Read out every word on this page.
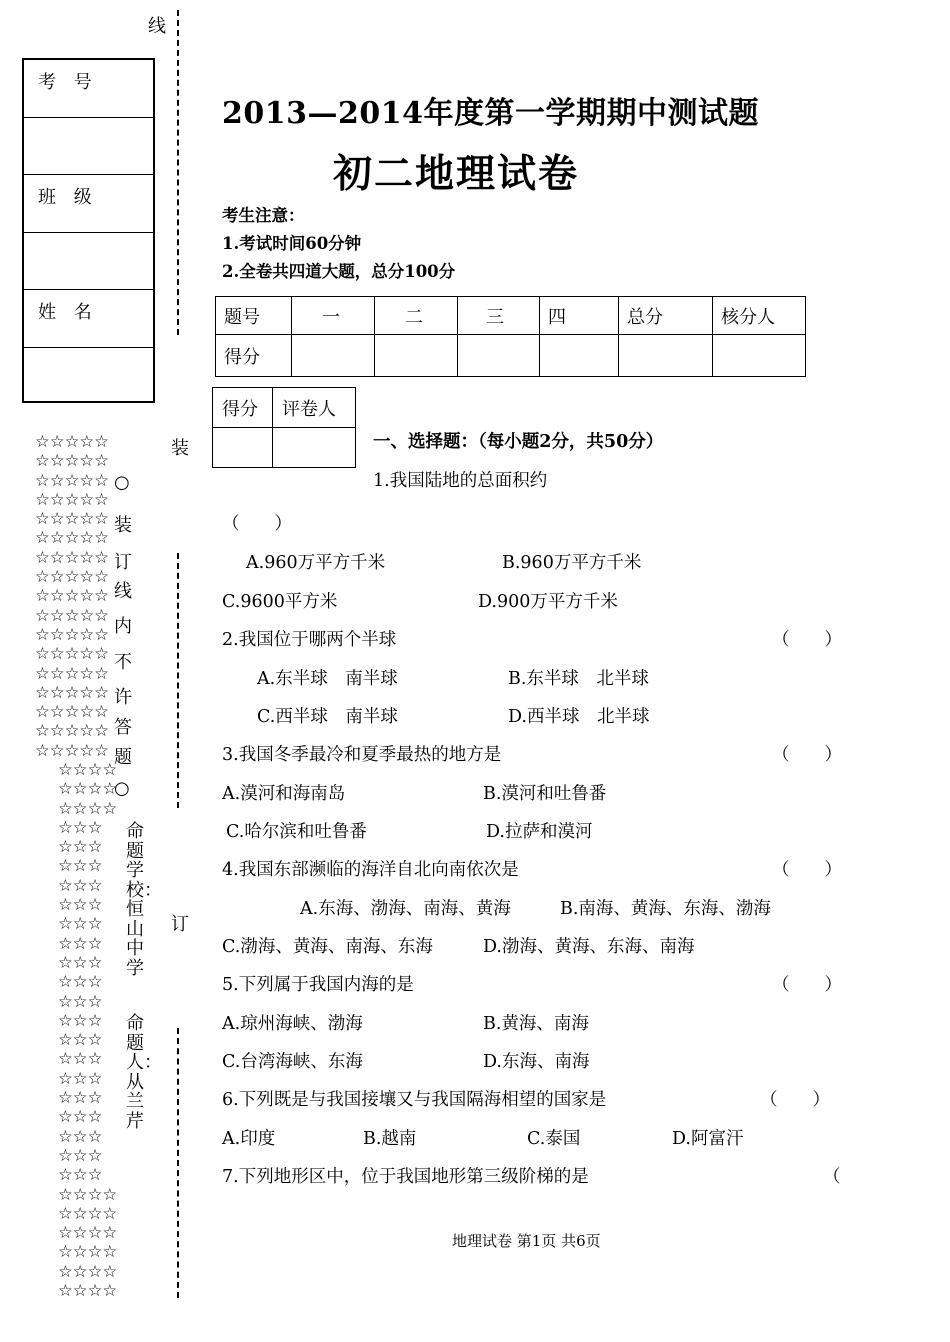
线
装
订
考 号
班 级
姓 名
☆☆☆☆☆
☆☆☆☆☆
☆☆☆☆☆
☆☆☆☆☆
☆☆☆☆☆
☆☆☆☆☆
☆☆☆☆☆
☆☆☆☆☆
☆☆☆☆☆
☆☆☆☆☆
☆☆☆☆☆
☆☆☆☆☆
☆☆☆☆☆
☆☆☆☆☆
☆☆☆☆☆
☆☆☆☆☆
☆☆☆☆☆
☆☆☆☆
☆☆☆☆
☆☆☆☆
☆☆☆
☆☆☆
☆☆☆
☆☆☆
☆☆☆
☆☆☆
☆☆☆
☆☆☆
☆☆☆
☆☆☆
☆☆☆
☆☆☆
☆☆☆
☆☆☆
☆☆☆
☆☆☆
☆☆☆
☆☆☆
☆☆☆
☆☆☆☆
☆☆☆☆
☆☆☆☆
☆☆☆☆
☆☆☆☆
☆☆☆☆
○
装
订
线
内
不
许
答
题
○
命题学校：恒山中学
命题人：从兰芹
2013—2014年度第一学期期中测试题
初二地理试卷
考生注意：
1.考试时间60分钟
2.全卷共四道大题，总分100分
题号	一	二	三	四	总分	核分人
得分						
得分	评卷人

一、选择题：（每小题2分，共50分）
1.我国陆地的总面积约
（　　）
A.960万平方千米	B.960万平方千米
C.9600平方米	D.900万平方千米
2.我国位于哪两个半球	（　　）
A.东半球　南半球	B.东半球　北半球
C.西半球　南半球	D.西半球　北半球
3.我国冬季最冷和夏季最热的地方是	（　　）
A.漠河和海南岛	B.漠河和吐鲁番
C.哈尔滨和吐鲁番	D.拉萨和漠河
4.我国东部濒临的海洋自北向南依次是	（　　）
A.东海、渤海、南海、黄海	B.南海、黄海、东海、渤海
C.渤海、黄海、南海、东海	D.渤海、黄海、东海、南海
5.下列属于我国内海的是	（　　）
A.琼州海峡、渤海	B.黄海、南海
C.台湾海峡、东海	D.东海、南海
6.下列既是与我国接壤又与我国隔海相望的国家是	（　　）
A.印度	B.越南	C.泰国	D.阿富汗
7.下列地形区中，位于我国地形第三级阶梯的是	（
地理试卷 第1页 共6页
